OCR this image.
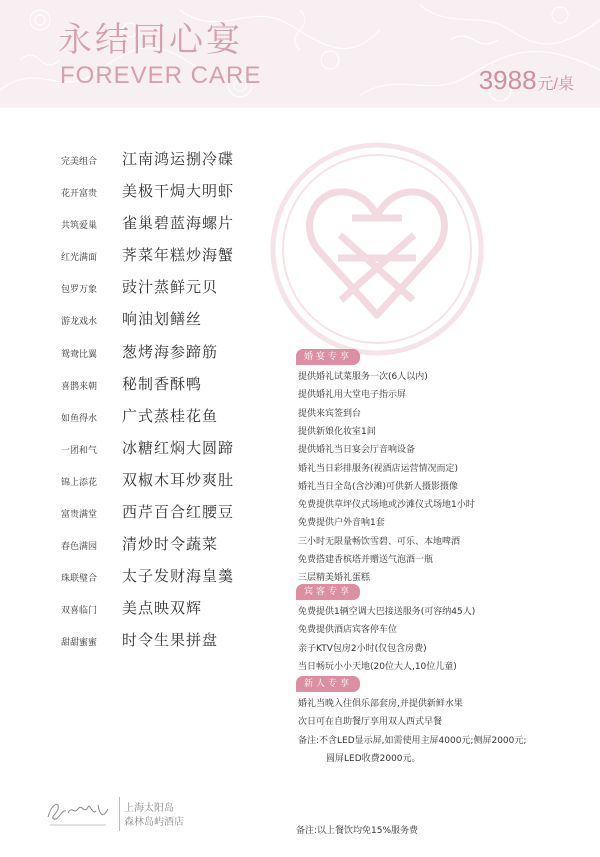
永结同心宴
FOREVER CARE	3988元/桌
完美组合 江南鸿运捌冷碟
花开富贵 美极干焗大明虾
共筑爱巢 雀巢碧蓝海螺片
红光满面 荠菜年糕炒海蟹
包罗万象 豉汁蒸鲜元贝
游龙戏水 响油划鳝丝
鸳鸯比翼 葱烤海参蹄筋
喜鹊来朝 秘制香酥鸭
如鱼得水 广式蒸桂花鱼
一团和气 冰糖红焖大圆蹄
锦上添花 双椒木耳炒爽肚
富贵满堂 西芹百合红腰豆
春色满园 清炒时令蔬菜
珠联璧合 太子发财海皇羹
双喜临门 美点映双辉
甜甜蜜蜜 时令生果拼盘
婚宴专享
提供婚礼试菜服务一次(6人以内)
提供婚礼用大堂电子指示屏
提供来宾签到台
提供新娘化妆室1间
提供婚礼当日宴会厅音响设备
婚礼当日彩排服务(视酒店运营情况而定)
婚礼当日全岛(含沙滩)可供新人摄影摄像
免费提供草坪仪式场地或沙滩仪式场地1小时
免费提供户外音响1套
三小时无限量畅饮雪碧、可乐、本地啤酒
免费搭建香槟塔并赠送气泡酒一瓶
三层精美婚礼蛋糕
宾客专享
免费提供1辆空调大巴接送服务(可容纳45人)
免费提供酒店宾客停车位
亲子KTV包房2小时(仅包含房费)
当日畅玩小小天地(20位大人,10位儿童)
新人专享
婚礼当晚入住俱乐部套房,并提供新鲜水果
次日可在自助餐厅享用双人西式早餐
备注:不含LED显示屏,如需使用主屏4000元;侧屏2000元;
圆屏LED收费2000元。
上海太阳岛
森林岛屿酒店
备注:以上餐饮均免15%服务费
